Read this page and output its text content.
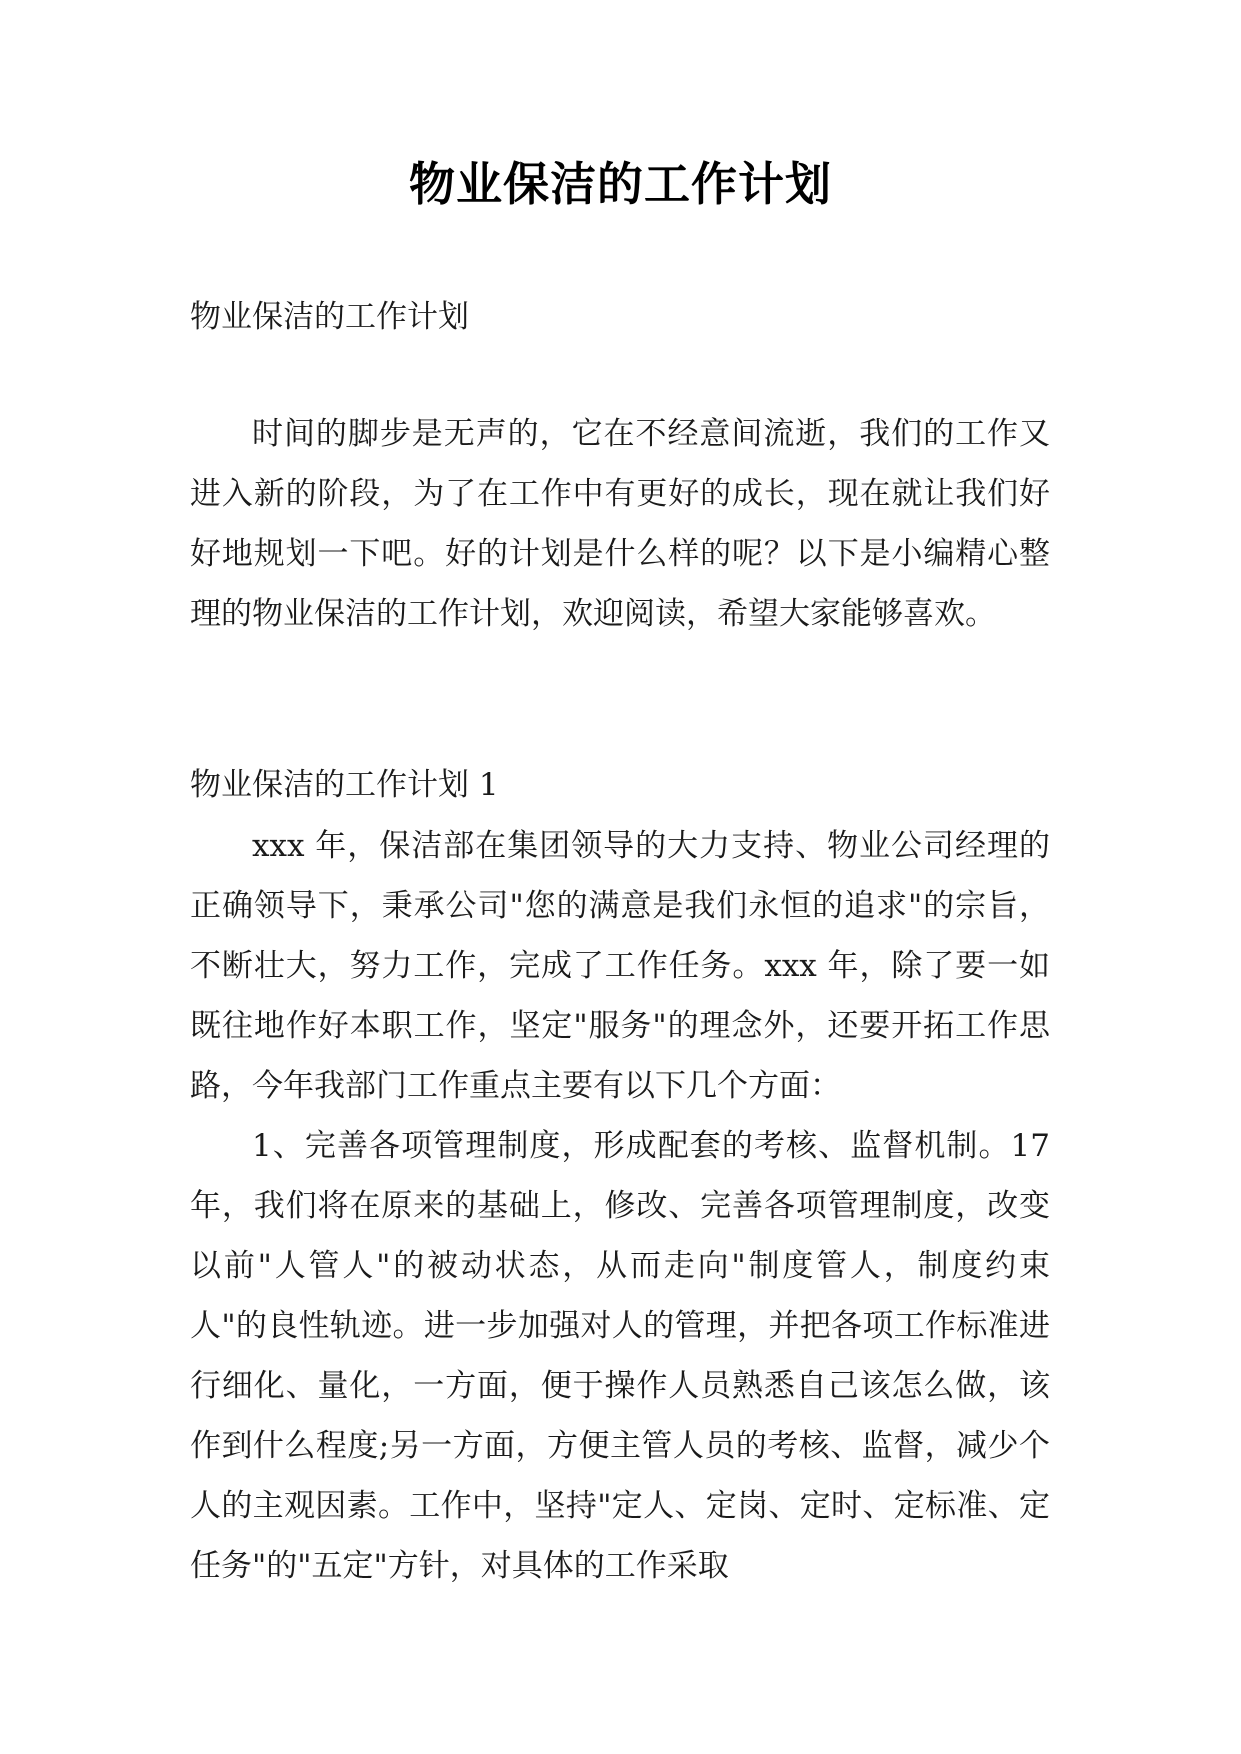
物业保洁的工作计划
物业保洁的工作计划

时间的脚步是无声的，它在不经意间流逝，我们的工作又进入新的阶段，为了在工作中有更好的成长，现在就让我们好好地规划一下吧。好的计划是什么样的呢？以下是小编精心整理的物业保洁的工作计划，欢迎阅读，希望大家能够喜欢。

物业保洁的工作计划 1

xxx 年，保洁部在集团领导的大力支持、物业公司经理的正确领导下，秉承公司"您的满意是我们永恒的追求"的宗旨，不断壮大，努力工作，完成了工作任务。xxx 年，除了要一如既往地作好本职工作，坚定"服务"的理念外，还要开拓工作思路，今年我部门工作重点主要有以下几个方面：

1、完善各项管理制度，形成配套的考核、监督机制。17 年，我们将在原来的基础上，修改、完善各项管理制度，改变以前"人管人"的被动状态，从而走向"制度管人，制度约束人"的良性轨迹。进一步加强对人的管理，并把各项工作标准进行细化、量化，一方面，便于操作人员熟悉自己该怎么做，该作到什么程度;另一方面，方便主管人员的考核、监督，减少个人的主观因素。工作中，坚持"定人、定岗、定时、定标准、定任务"的"五定"方针，对具体的工作采取
